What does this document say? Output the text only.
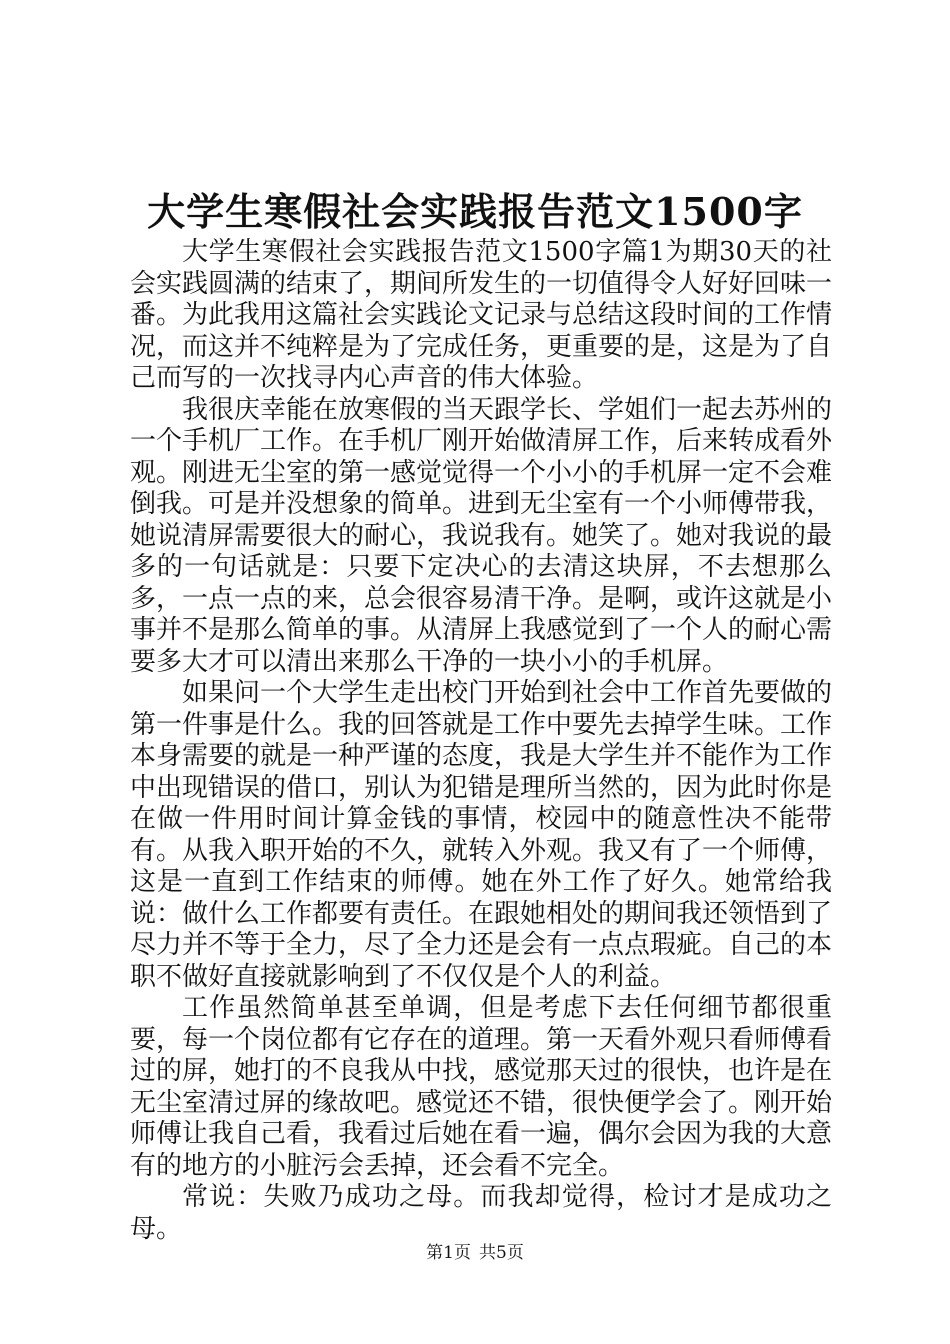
大学生寒假社会实践报告范文1500字

大学生寒假社会实践报告范文1500字篇1为期30天的社会实践圆满的结束了，期间所发生的一切值得令人好好回味一番。为此我用这篇社会实践论文记录与总结这段时间的工作情况，而这并不纯粹是为了完成任务，更重要的是，这是为了自己而写的一次找寻内心声音的伟大体验。

我很庆幸能在放寒假的当天跟学长、学姐们一起去苏州的一个手机厂工作。在手机厂刚开始做清屏工作，后来转成看外观。刚进无尘室的第一感觉觉得一个小小的手机屏一定不会难倒我。可是并没想象的简单。进到无尘室有一个小师傅带我，她说清屏需要很大的耐心，我说我有。她笑了。她对我说的最多的一句话就是：只要下定决心的去清这块屏，不去想那么多，一点一点的来，总会很容易清干净。是啊，或许这就是小事并不是那么简单的事。从清屏上我感觉到了一个人的耐心需要多大才可以清出来那么干净的一块小小的手机屏。

如果问一个大学生走出校门开始到社会中工作首先要做的第一件事是什么。我的回答就是工作中要先去掉学生味。工作本身需要的就是一种严谨的态度，我是大学生并不能作为工作中出现错误的借口，别认为犯错是理所当然的，因为此时你是在做一件用时间计算金钱的事情，校园中的随意性决不能带有。从我入职开始的不久，就转入外观。我又有了一个师傅，这是一直到工作结束的师傅。她在外工作了好久。她常给我说：做什么工作都要有责任。在跟她相处的期间我还领悟到了尽力并不等于全力，尽了全力还是会有一点点瑕疵。自己的本职不做好直接就影响到了不仅仅是个人的利益。

工作虽然简单甚至单调，但是考虑下去任何细节都很重要，每一个岗位都有它存在的道理。第一天看外观只看师傅看过的屏，她打的不良我从中找，感觉那天过的很快，也许是在无尘室清过屏的缘故吧。感觉还不错，很快便学会了。刚开始师傅让我自己看，我看过后她在看一遍，偶尔会因为我的大意有的地方的小脏污会丢掉，还会看不完全。

常说：失败乃成功之母。而我却觉得，检讨才是成功之母。

第1页 共5页
